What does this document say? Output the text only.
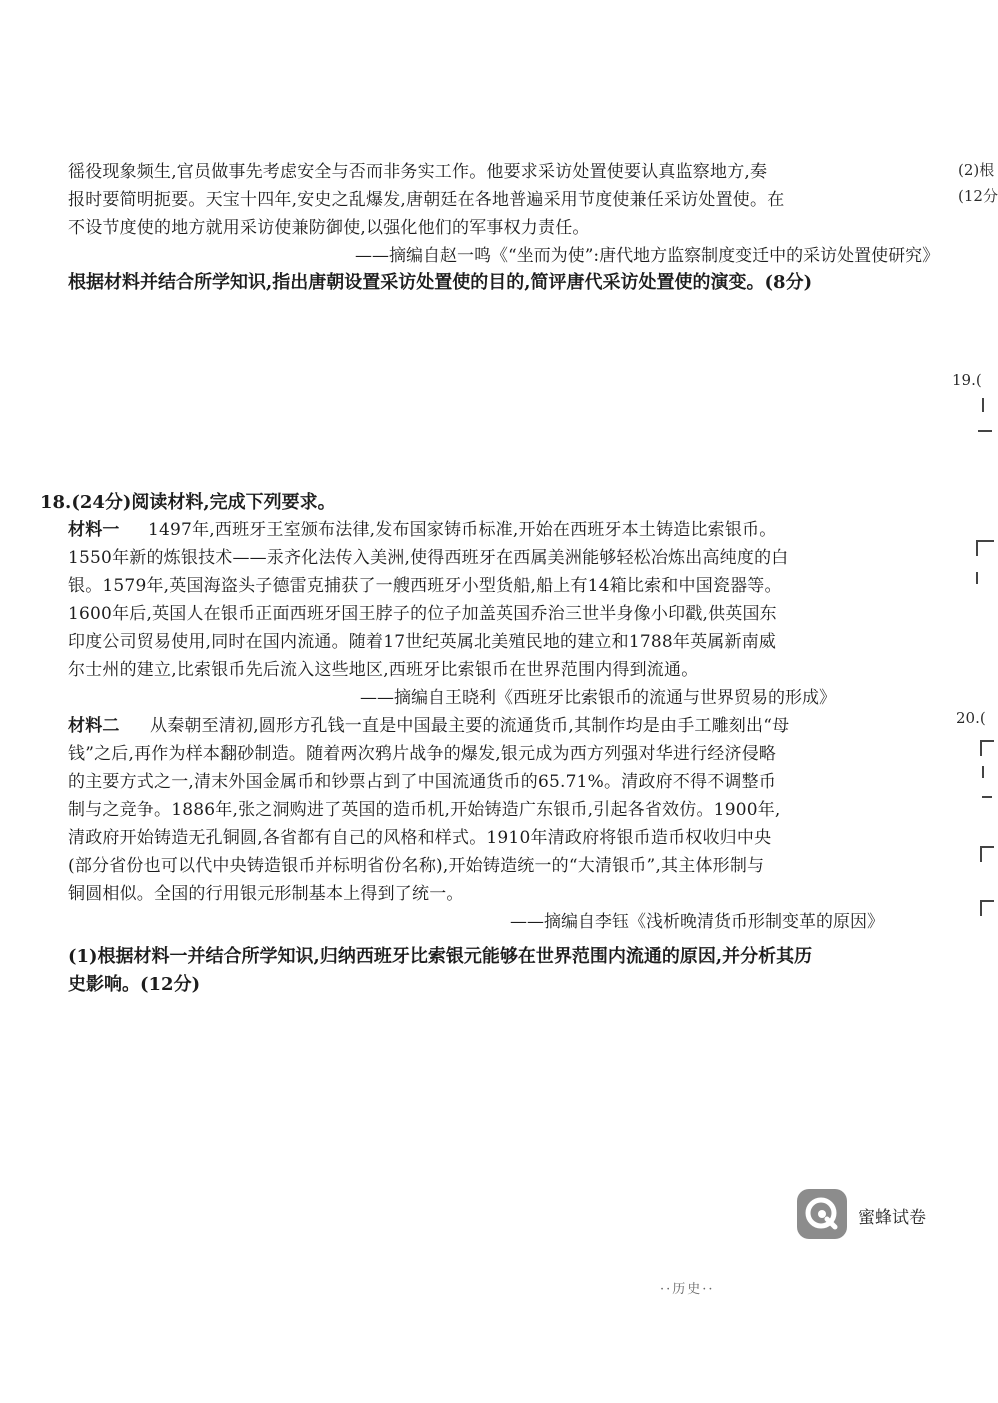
徭役现象频生,官员做事先考虑安全与否而非务实工作。他要求采访处置使要认真监察地方,奏
报时要简明扼要。天宝十四年,安史之乱爆发,唐朝廷在各地普遍采用节度使兼任采访处置使。在
不设节度使的地方就用采访使兼防御使,以强化他们的军事权力责任。
——摘编自赵一鸣《“坐而为使”:唐代地方监察制度变迁中的采访处置使研究》
根据材料并结合所学知识,指出唐朝设置采访处置使的目的,简评唐代采访处置使的演变。(8分)
18.(24分)阅读材料,完成下列要求。
材料一 1497年,西班牙王室颁布法律,发布国家铸币标准,开始在西班牙本土铸造比索银币。
1550年新的炼银技术——汞齐化法传入美洲,使得西班牙在西属美洲能够轻松冶炼出高纯度的白
银。1579年,英国海盗头子德雷克捕获了一艘西班牙小型货船,船上有14箱比索和中国瓷器等。
1600年后,英国人在银币正面西班牙国王脖子的位子加盖英国乔治三世半身像小印戳,供英国东
印度公司贸易使用,同时在国内流通。随着17世纪英属北美殖民地的建立和1788年英属新南威
尔士州的建立,比索银币先后流入这些地区,西班牙比索银币在世界范围内得到流通。
——摘编自王晓利《西班牙比索银币的流通与世界贸易的形成》
材料二 从秦朝至清初,圆形方孔钱一直是中国最主要的流通货币,其制作均是由手工雕刻出“母
钱”之后,再作为样本翻砂制造。随着两次鸦片战争的爆发,银元成为西方列强对华进行经济侵略
的主要方式之一,清末外国金属币和钞票占到了中国流通货币的65.71%。清政府不得不调整币
制与之竞争。1886年,张之洞购进了英国的造币机,开始铸造广东银币,引起各省效仿。1900年,
清政府开始铸造无孔铜圆,各省都有自己的风格和样式。1910年清政府将银币造币权收归中央
(部分省份也可以代中央铸造银币并标明省份名称),开始铸造统一的“大清银币”,其主体形制与
铜圆相似。全国的行用银元形制基本上得到了统一。
——摘编自李钰《浅析晚清货币形制变革的原因》
(1)根据材料一并结合所学知识,归纳西班牙比索银元能够在世界范围内流通的原因,并分析其历
史影响。(12分)
(2)根
(12分
19.(
20.(
蜜蜂试卷
··历史··
